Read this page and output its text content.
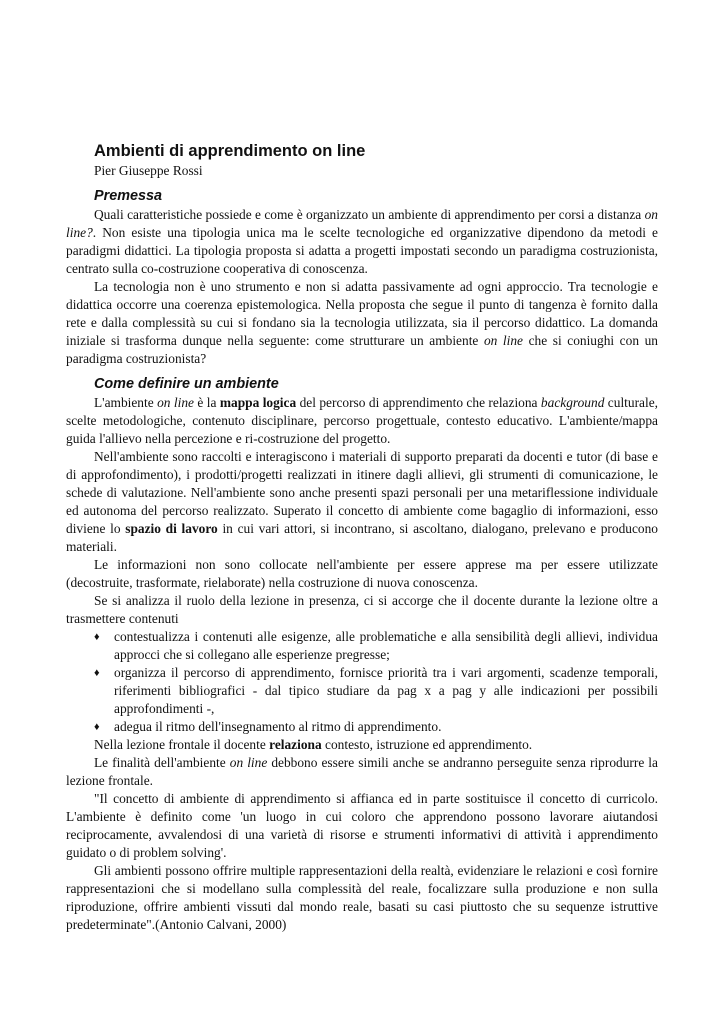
Ambienti di apprendimento on line
Pier Giuseppe Rossi
Premessa

Quali caratteristiche possiede e come è organizzato un ambiente di apprendimento per corsi a distanza on line?. Non esiste una tipologia unica ma le scelte tecnologiche ed organizzative dipendono da metodi e paradigmi didattici. La tipologia proposta si adatta a progetti impostati secondo un paradigma costruzionista, centrato sulla co-costruzione cooperativa di conoscenza.

La tecnologia non è uno strumento e non si adatta passivamente ad ogni approccio. Tra tecnologie e didattica occorre una coerenza epistemologica. Nella proposta che segue il punto di tangenza è fornito dalla rete e dalla complessità su cui si fondano sia la tecnologia utilizzata, sia il percorso didattico. La domanda iniziale si trasforma dunque nella seguente: come strutturare un ambiente on line che si coniughi con un paradigma costruzionista?

Come definire un ambiente

L'ambiente on line è la mappa logica del percorso di apprendimento che relaziona background culturale, scelte metodologiche, contenuto disciplinare, percorso progettuale, contesto educativo. L'ambiente/mappa guida l'allievo nella percezione e ri-costruzione del progetto.

Nell'ambiente sono raccolti e interagiscono i materiali di supporto preparati da docenti e tutor (di base e di approfondimento), i prodotti/progetti realizzati in itinere dagli allievi, gli strumenti di comunicazione, le schede di valutazione. Nell'ambiente sono anche presenti spazi personali per una metariflessione individuale ed autonoma del percorso realizzato. Superato il concetto di ambiente come bagaglio di informazioni, esso diviene lo spazio di lavoro in cui vari attori, si incontrano, si ascoltano, dialogano, prelevano e producono materiali.

Le informazioni non sono collocate nell'ambiente per essere apprese ma per essere utilizzate (decostruite, trasformate, rielaborate) nella costruzione di nuova conoscenza.

Se si analizza il ruolo della lezione in presenza, ci si accorge che il docente durante la lezione oltre a trasmettere contenuti

♦ contestualizza i contenuti alle esigenze, alle problematiche e alla sensibilità degli allievi, individua approcci che si collegano alle esperienze pregresse;
♦ organizza il percorso di apprendimento, fornisce priorità tra i vari argomenti, scadenze temporali, riferimenti bibliografici - dal tipico studiare da pag x a pag y alle indicazioni per possibili approfondimenti -,
♦ adegua il ritmo dell'insegnamento al ritmo di apprendimento.

Nella lezione frontale il docente relaziona contesto, istruzione ed apprendimento.

Le finalità dell'ambiente on line debbono essere simili anche se andranno perseguite senza riprodurre la lezione frontale.

"Il concetto di ambiente di apprendimento si affianca ed in parte sostituisce il concetto di curricolo. L'ambiente è definito come 'un luogo in cui coloro che apprendono possono lavorare aiutandosi reciprocamente, avvalendosi di una varietà di risorse e strumenti informativi di attività i apprendimento guidato o di problem solving'.

Gli ambienti possono offrire multiple rappresentazioni della realtà, evidenziare le relazioni e così fornire rappresentazioni che si modellano sulla complessità del reale, focalizzare sulla produzione e non sulla riproduzione, offrire ambienti vissuti dal mondo reale, basati su casi piuttosto che su sequenze istruttive predeterminate".(Antonio Calvani, 2000)
